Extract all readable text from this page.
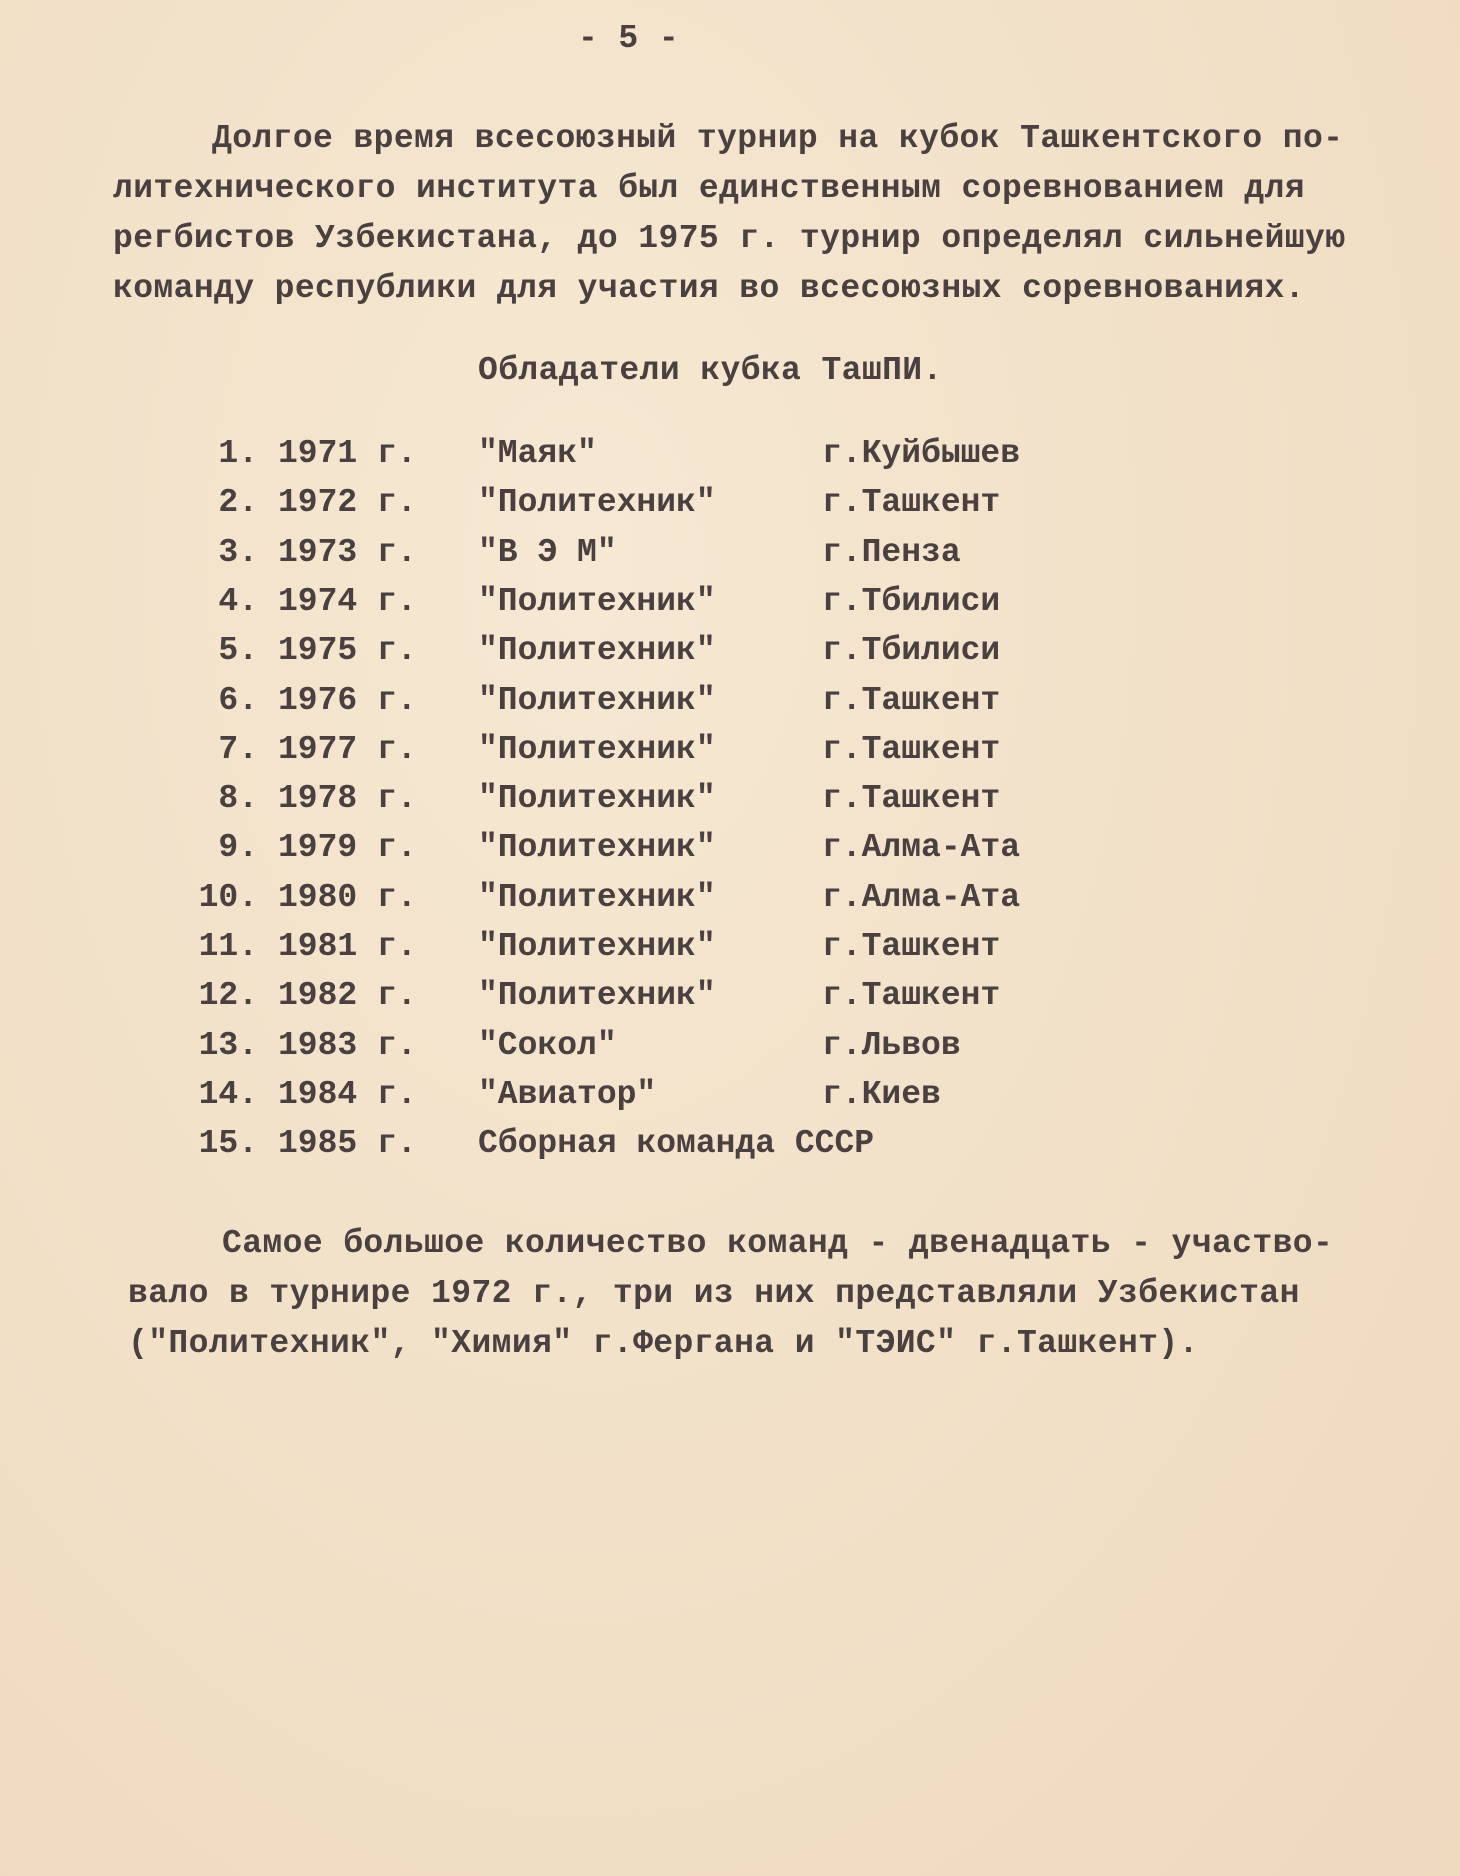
- 5 -
Долгое время всесоюзный турнир на кубок Ташкентского по-
литехнического института был единственным соревнованием для
регбистов Узбекистана, до 1975 г. турнир определял сильнейшую
команду республики для участия во всесоюзных соревнованиях.
Обладатели кубка ТашПИ.
1. 1971 г. "Маяк"	г.Куйбышев
2. 1972 г. "Политехник"	г.Ташкент
3. 1973 г. "В Э М"	г.Пенза
4. 1974 г. "Политехник"	г.Тбилиси
5. 1975 г. "Политехник"	г.Тбилиси
6. 1976 г. "Политехник"	г.Ташкент
7. 1977 г. "Политехник"	г.Ташкент
8. 1978 г. "Политехник"	г.Ташкент
9. 1979 г. "Политехник"	г.Алма-Ата
10. 1980 г. "Политехник"	г.Алма-Ата
11. 1981 г. "Политехник"	г.Ташкент
12. 1982 г. "Политехник"	г.Ташкент
13. 1983 г. "Сокол"	г.Львов
14. 1984 г. "Авиатор"	г.Киев
15. 1985 г. Сборная команда СССР
Самое большое количество команд - двенадцать - участво-
вало в турнире 1972 г., три из них представляли Узбекистан
("Политехник", "Химия" г.Фергана и "ТЭИС" г.Ташкент).
